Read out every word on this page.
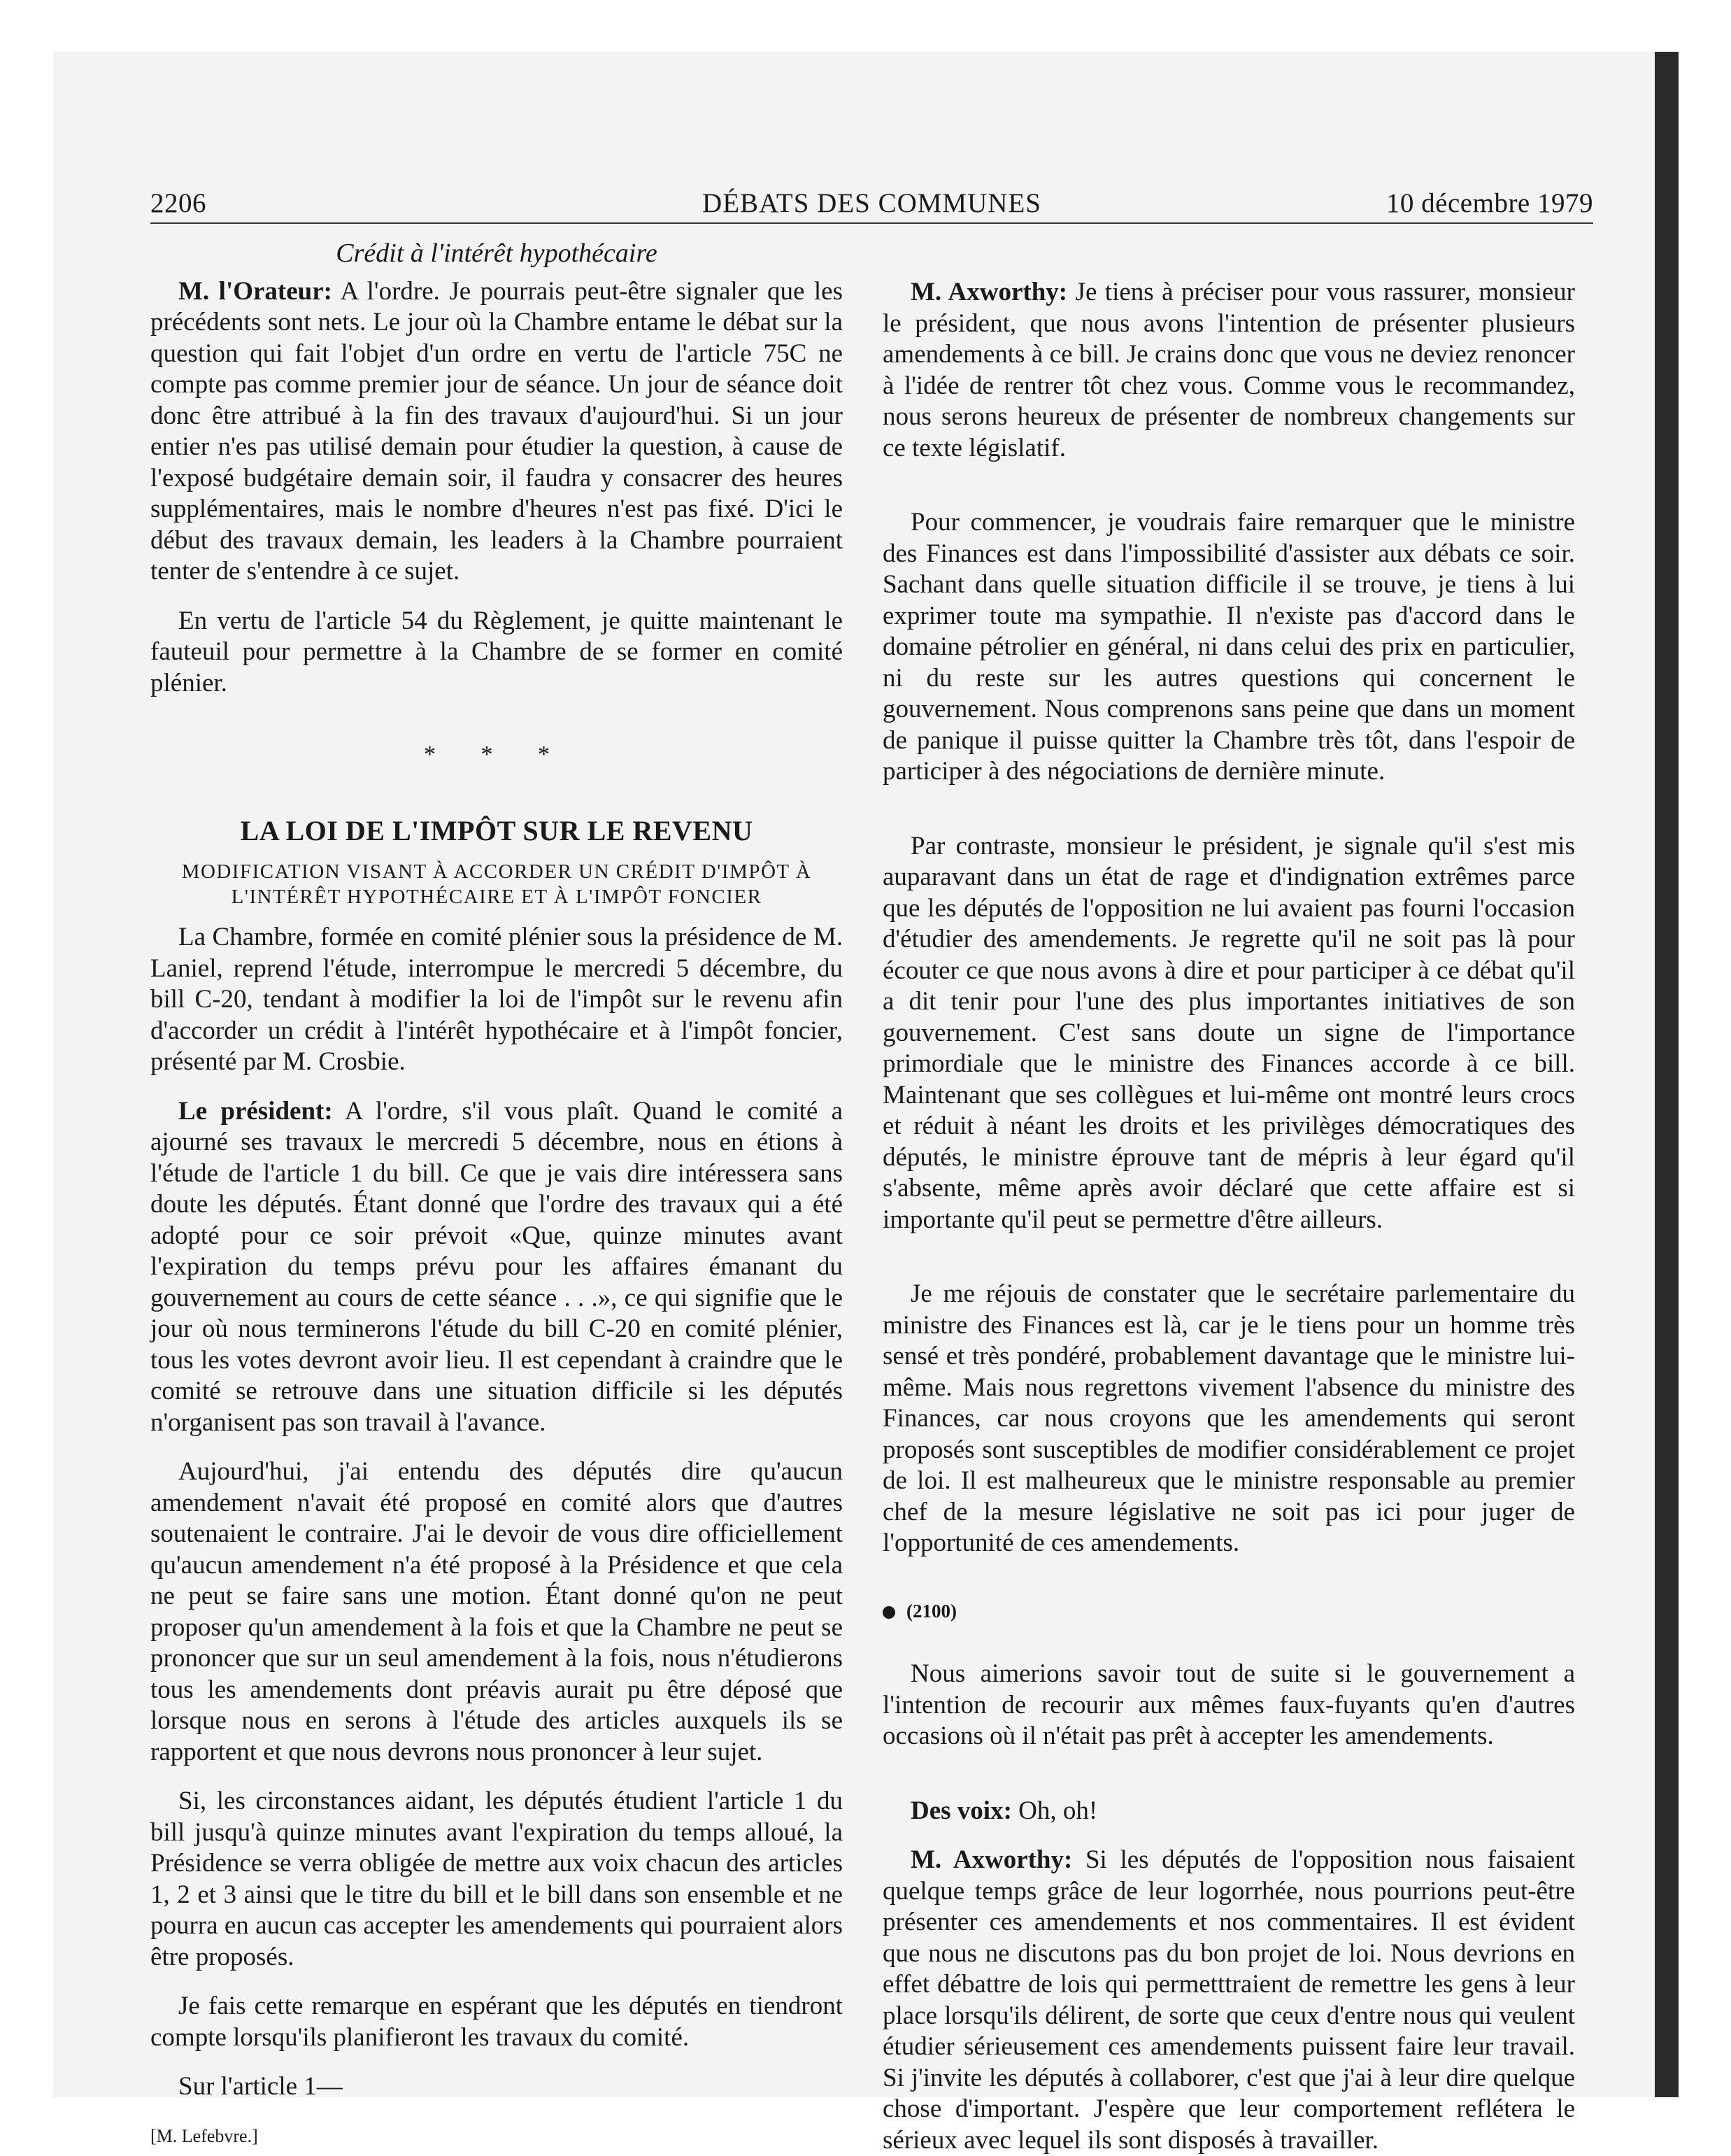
2206	DÉBATS DES COMMUNES	10 décembre 1979
Crédit à l'intérêt hypothécaire

M. l'Orateur: A l'ordre. Je pourrais peut-être signaler que les précédents sont nets. Le jour où la Chambre entame le débat sur la question qui fait l'objet d'un ordre en vertu de l'article 75C ne compte pas comme premier jour de séance. Un jour de séance doit donc être attribué à la fin des travaux d'aujourd'hui. Si un jour entier n'es pas utilisé demain pour étudier la question, à cause de l'exposé budgétaire demain soir, il faudra y consacrer des heures supplémentaires, mais le nombre d'heures n'est pas fixé. D'ici le début des travaux demain, les leaders à la Chambre pourraient tenter de s'entendre à ce sujet.

En vertu de l'article 54 du Règlement, je quitte maintenant le fauteuil pour permettre à la Chambre de se former en comité plénier.

* * *
LA LOI DE L'IMPÔT SUR LE REVENU
MODIFICATION VISANT À ACCORDER UN CRÉDIT D'IMPÔT À L'INTÉRÊT HYPOTHÉCAIRE ET À L'IMPÔT FONCIER

La Chambre, formée en comité plénier sous la présidence de M. Laniel, reprend l'étude, interrompue le mercredi 5 décembre, du bill C-20, tendant à modifier la loi de l'impôt sur le revenu afin d'accorder un crédit à l'intérêt hypothécaire et à l'impôt foncier, présenté par M. Crosbie.

Le président: A l'ordre, s'il vous plaît. Quand le comité a ajourné ses travaux le mercredi 5 décembre, nous en étions à l'étude de l'article 1 du bill. Ce que je vais dire intéressera sans doute les députés. Étant donné que l'ordre des travaux qui a été adopté pour ce soir prévoit «Que, quinze minutes avant l'expiration du temps prévu pour les affaires émanant du gouvernement au cours de cette séance . . .», ce qui signifie que le jour où nous terminerons l'étude du bill C-20 en comité plénier, tous les votes devront avoir lieu. Il est cependant à craindre que le comité se retrouve dans une situation difficile si les députés n'organisent pas son travail à l'avance.

Aujourd'hui, j'ai entendu des députés dire qu'aucun amendement n'avait été proposé en comité alors que d'autres soutenaient le contraire. J'ai le devoir de vous dire officiellement qu'aucun amendement n'a été proposé à la Présidence et que cela ne peut se faire sans une motion. Étant donné qu'on ne peut proposer qu'un amendement à la fois et que la Chambre ne peut se prononcer que sur un seul amendement à la fois, nous n'étudierons tous les amendements dont préavis aurait pu être déposé que lorsque nous en serons à l'étude des articles auxquels ils se rapportent et que nous devrons nous prononcer à leur sujet.

Si, les circonstances aidant, les députés étudient l'article 1 du bill jusqu'à quinze minutes avant l'expiration du temps alloué, la Présidence se verra obligée de mettre aux voix chacun des articles 1, 2 et 3 ainsi que le titre du bill et le bill dans son ensemble et ne pourra en aucun cas accepter les amendements qui pourraient alors être proposés.

Je fais cette remarque en espérant que les députés en tiendront compte lorsqu'ils planifieront les travaux du comité.

Sur l'article 1—

[M. Lefebvre.]

M. Axworthy: Je tiens à préciser pour vous rassurer, monsieur le président, que nous avons l'intention de présenter plusieurs amendements à ce bill. Je crains donc que vous ne deviez renoncer à l'idée de rentrer tôt chez vous. Comme vous le recommandez, nous serons heureux de présenter de nombreux changements sur ce texte législatif.

Pour commencer, je voudrais faire remarquer que le ministre des Finances est dans l'impossibilité d'assister aux débats ce soir. Sachant dans quelle situation difficile il se trouve, je tiens à lui exprimer toute ma sympathie. Il n'existe pas d'accord dans le domaine pétrolier en général, ni dans celui des prix en particulier, ni du reste sur les autres questions qui concernent le gouvernement. Nous comprenons sans peine que dans un moment de panique il puisse quitter la Chambre très tôt, dans l'espoir de participer à des négociations de dernière minute.

Par contraste, monsieur le président, je signale qu'il s'est mis auparavant dans un état de rage et d'indignation extrêmes parce que les députés de l'opposition ne lui avaient pas fourni l'occasion d'étudier des amendements. Je regrette qu'il ne soit pas là pour écouter ce que nous avons à dire et pour participer à ce débat qu'il a dit tenir pour l'une des plus importantes initiatives de son gouvernement. C'est sans doute un signe de l'importance primordiale que le ministre des Finances accorde à ce bill. Maintenant que ses collègues et lui-même ont montré leurs crocs et réduit à néant les droits et les privilèges démocratiques des députés, le ministre éprouve tant de mépris à leur égard qu'il s'absente, même après avoir déclaré que cette affaire est si importante qu'il peut se permettre d'être ailleurs.

Je me réjouis de constater que le secrétaire parlementaire du ministre des Finances est là, car je le tiens pour un homme très sensé et très pondéré, probablement davantage que le ministre lui-même. Mais nous regrettons vivement l'absence du ministre des Finances, car nous croyons que les amendements qui seront proposés sont susceptibles de modifier considérablement ce projet de loi. Il est malheureux que le ministre responsable au premier chef de la mesure législative ne soit pas ici pour juger de l'opportunité de ces amendements.

(2100)

Nous aimerions savoir tout de suite si le gouvernement a l'intention de recourir aux mêmes faux-fuyants qu'en d'autres occasions où il n'était pas prêt à accepter les amendements.

Des voix: Oh, oh!

M. Axworthy: Si les députés de l'opposition nous faisaient quelque temps grâce de leur logorrhée, nous pourrions peut-être présenter ces amendements et nos commentaires. Il est évident que nous ne discutons pas du bon projet de loi. Nous devrions en effet débattre de lois qui permetttraient de remettre les gens à leur place lorsqu'ils délirent, de sorte que ceux d'entre nous qui veulent étudier sérieusement ces amendements puissent faire leur travail. Si j'invite les députés à collaborer, c'est que j'ai à leur dire quelque chose d'important. J'espère que leur comportement reflétera le sérieux avec lequel ils sont disposés à travailler.
